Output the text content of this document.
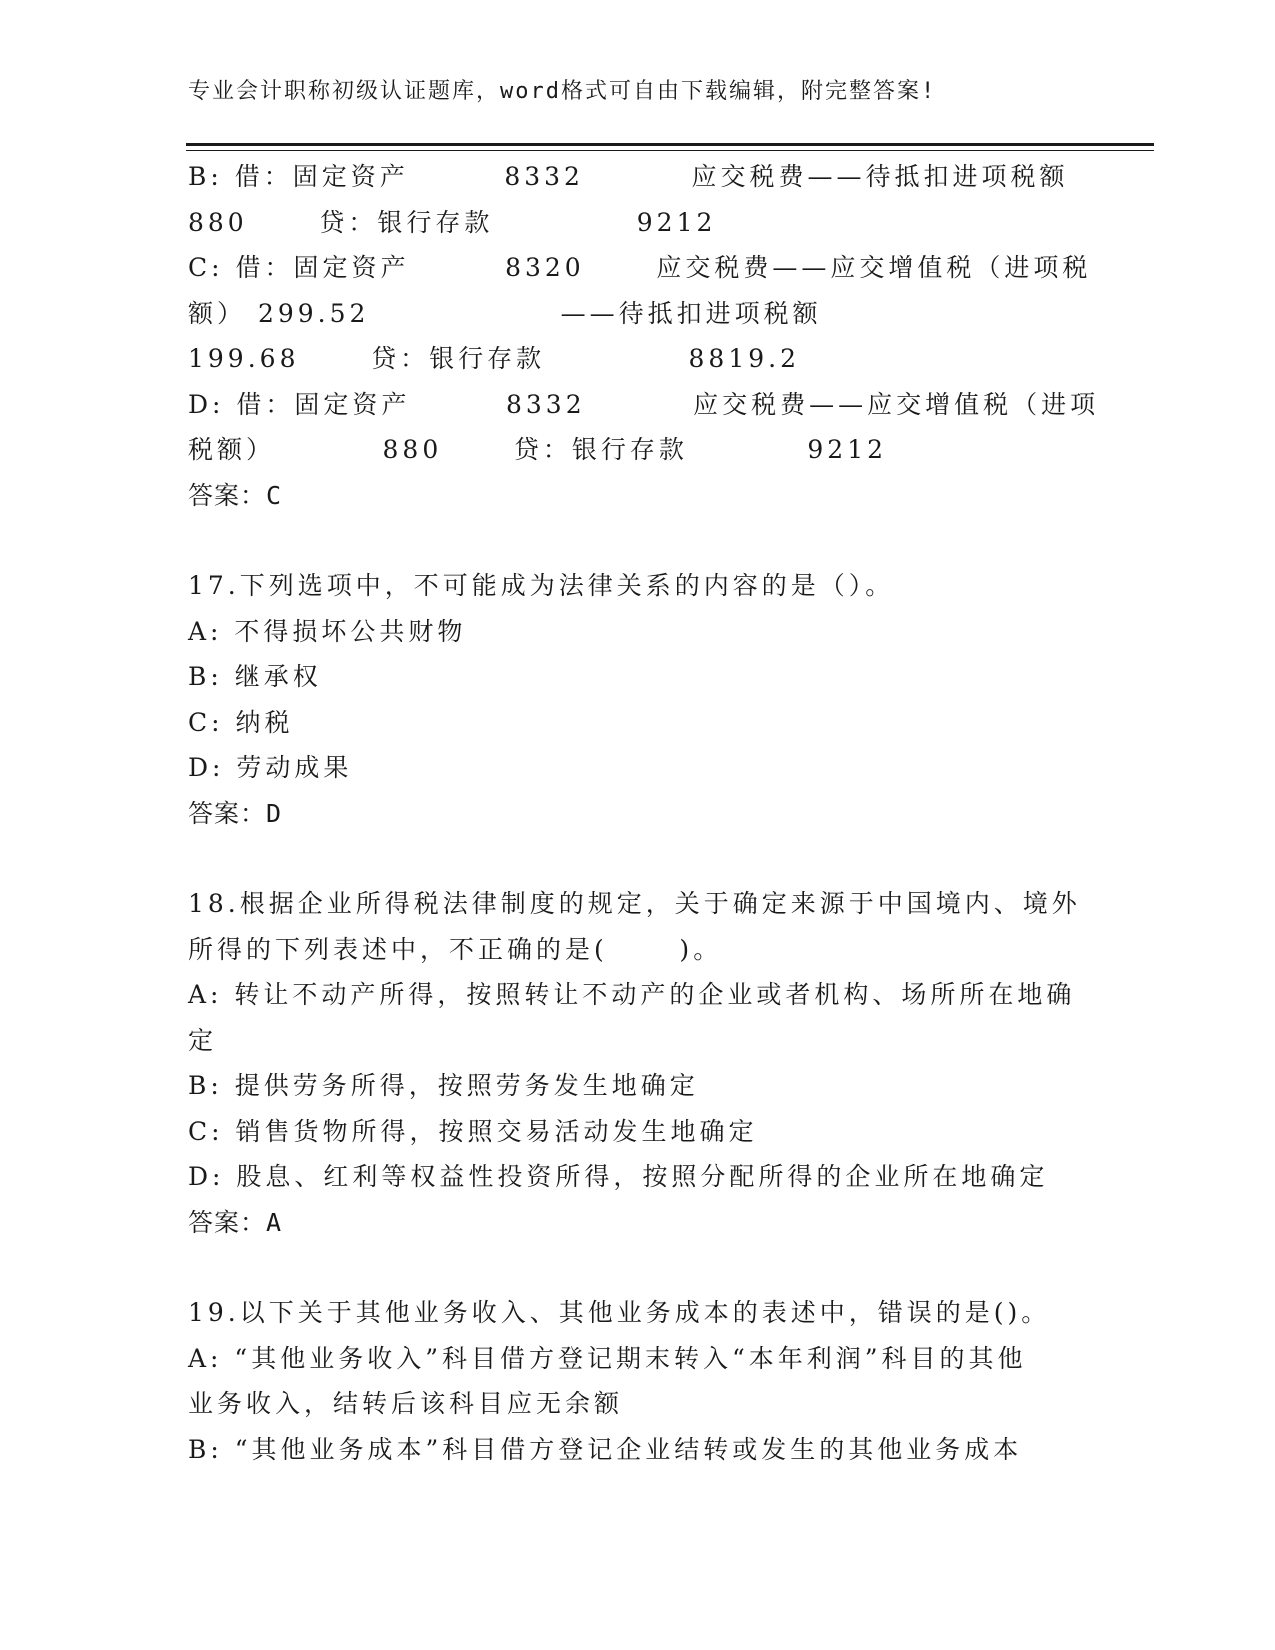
专业会计职称初级认证题库，word格式可自由下载编辑，附完整答案!
B: 借：固定资产        8332         应交税费——待抵扣进项税额
880      贷：银行存款            9212
C: 借：固定资产        8320      应交税费——应交增值税（进项税
额） 299.52                ——待抵扣进项税额
199.68      贷：银行存款            8819.2
D: 借：固定资产        8332         应交税费——应交增值税（进项
税额）         880      贷：银行存款          9212
答案：C
17.下列选项中，不可能成为法律关系的内容的是（）。
A: 不得损坏公共财物
B: 继承权
C: 纳税
D: 劳动成果
答案：D
18.根据企业所得税法律制度的规定，关于确定来源于中国境内、境外
所得的下列表述中，不正确的是(      )。
A: 转让不动产所得，按照转让不动产的企业或者机构、场所所在地确
定
B: 提供劳务所得，按照劳务发生地确定
C: 销售货物所得，按照交易活动发生地确定
D: 股息、红利等权益性投资所得，按照分配所得的企业所在地确定
答案：A
19.以下关于其他业务收入、其他业务成本的表述中，错误的是()。
A: “其他业务收入”科目借方登记期末转入“本年利润”科目的其他
业务收入，结转后该科目应无余额
B: “其他业务成本”科目借方登记企业结转或发生的其他业务成本
